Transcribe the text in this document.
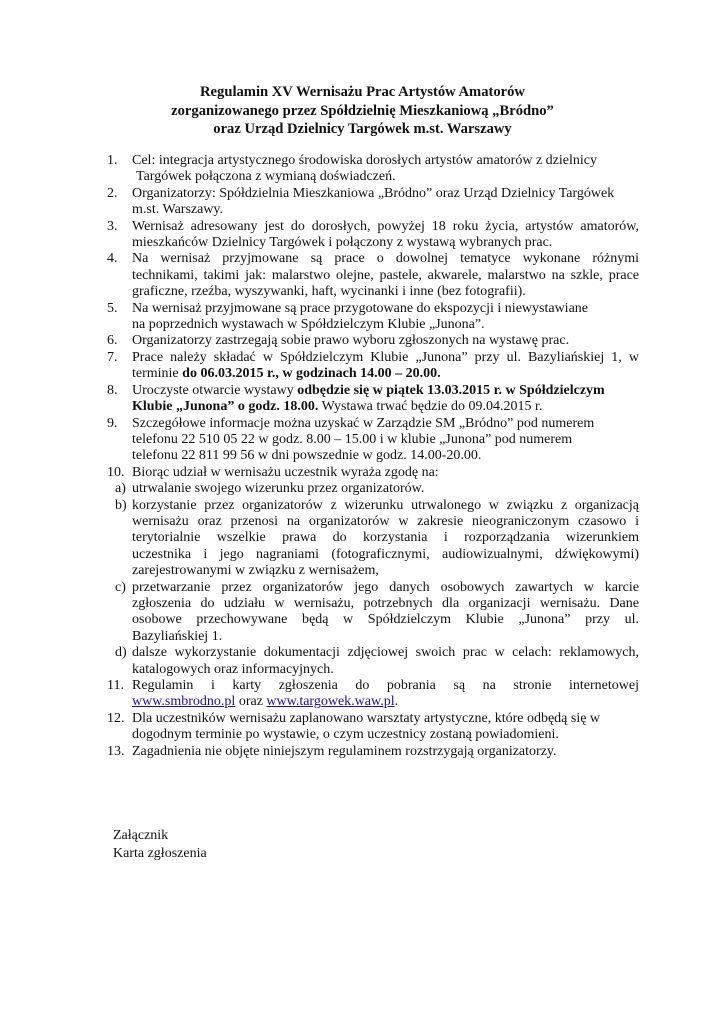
Regulamin XV Wernisażu Prac Artystów Amatorów
zorganizowanego przez Spółdzielnię Mieszkaniową „Bródno”
oraz Urząd Dzielnicy Targówek m.st. Warszawy
1. Cel: integracja artystycznego środowiska dorosłych artystów amatorów z dzielnicy
Targówek połączona z wymianą doświadczeń.
2. Organizatorzy: Spółdzielnia Mieszkaniowa „Bródno” oraz Urząd Dzielnicy Targówek
m.st. Warszawy.
3. Wernisaż adresowany jest do dorosłych, powyżej 18 roku życia, artystów amatorów,
mieszkańców Dzielnicy Targówek i połączony z wystawą wybranych prac.
4. Na wernisaż przyjmowane są prace o dowolnej tematyce wykonane różnymi
technikami, takimi jak: malarstwo olejne, pastele, akwarele, malarstwo na szkle, prace
graficzne, rzeźba, wyszywanki, haft, wycinanki i inne (bez fotografii).
5. Na wernisaż przyjmowane są prace przygotowane do ekspozycji i niewystawiane
na poprzednich wystawach w Spółdzielczym Klubie „Junona”.
6. Organizatorzy zastrzegają sobie prawo wyboru zgłoszonych na wystawę prac.
7. Prace należy składać w Spółdzielczym Klubie „Junona” przy ul. Bazyliańskiej 1, w
terminie do 06.03.2015 r., w godzinach 14.00 – 20.00.
8. Uroczyste otwarcie wystawy odbędzie się w piątek 13.03.2015 r. w Spółdzielczym
Klubie „Junona” o godz. 18.00. Wystawa trwać będzie do 09.04.2015 r.
9. Szczegółowe informacje można uzyskać w Zarządzie SM „Bródno” pod numerem
telefonu 22 510 05 22 w godz. 8.00 – 15.00 i w klubie „Junona” pod numerem
telefonu 22 811 99 56 w dni powszednie w godz. 14.00-20.00.
10. Biorąc udział w wernisażu uczestnik wyraża zgodę na:
a) utrwalanie swojego wizerunku przez organizatorów.
b) korzystanie przez organizatorów z wizerunku utrwalonego w związku z organizacją
wernisażu oraz przenosi na organizatorów w zakresie nieograniczonym czasowo i
terytorialnie wszelkie prawa do korzystania i rozporządzania wizerunkiem
uczestnika i jego nagraniami (fotograficznymi, audiowizualnymi, dźwiękowymi)
zarejestrowanymi w związku z wernisażem,
c) przetwarzanie przez organizatorów jego danych osobowych zawartych w karcie
zgłoszenia do udziału w wernisażu, potrzebnych dla organizacji wernisażu. Dane
osobowe przechowywane będą w Spółdzielczym Klubie „Junona” przy ul.
Bazyliańskiej 1.
d) dalsze wykorzystanie dokumentacji zdjęciowej swoich prac w celach: reklamowych,
katalogowych oraz informacyjnych.
11. Regulamin i karty zgłoszenia do pobrania są na stronie internetowej
www.smbrodno.pl oraz www.targowek.waw.pl.
12. Dla uczestników wernisażu zaplanowano warsztaty artystyczne, które odbędą się w
dogodnym terminie po wystawie, o czym uczestnicy zostaną powiadomieni.
13. Zagadnienia nie objęte niniejszym regulaminem rozstrzygają organizatorzy.
Załącznik
Karta zgłoszenia
